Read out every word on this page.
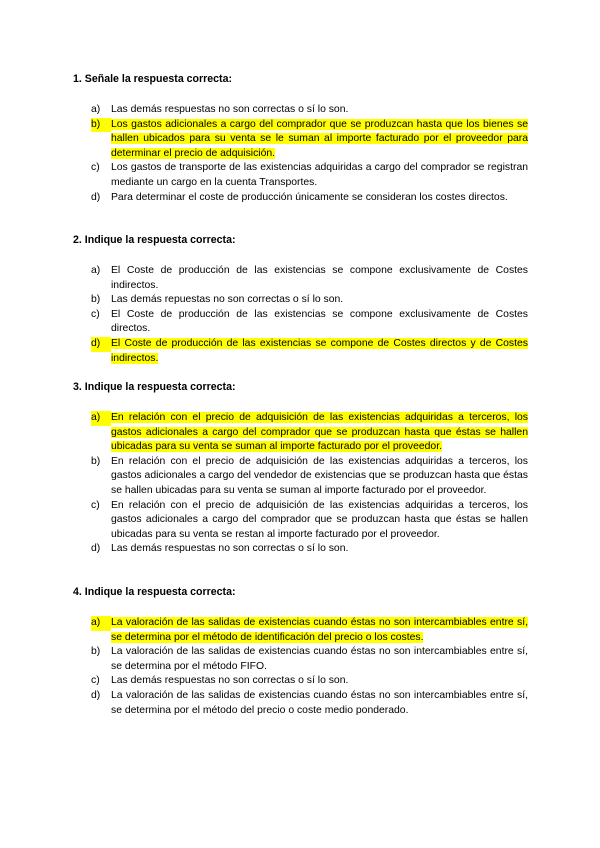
1. Señale la respuesta correcta:
a)	Las demás respuestas no son correctas o sí lo son.
b)	Los gastos adicionales a cargo del comprador que se produzcan hasta que los bienes se hallen ubicados para su venta se le suman al importe facturado por el proveedor para determinar el precio de adquisición.
c)	Los gastos de transporte de las existencias adquiridas a cargo del comprador se registran mediante un cargo en la cuenta Transportes.
d)	Para determinar el coste de producción únicamente se consideran los costes directos.
2. Indique la respuesta correcta:
a)	El Coste de producción de las existencias se compone exclusivamente de Costes indirectos.
b)	Las demás repuestas no son correctas o sí lo son.
c)	El Coste de producción de las existencias se compone exclusivamente de Costes directos.
d)	El Coste de producción de las existencias se compone de Costes directos y de Costes indirectos.
3. Indique la respuesta correcta:
a)	En relación con el precio de adquisición de las existencias adquiridas a terceros, los gastos adicionales a cargo del comprador que se produzcan hasta que éstas se hallen ubicadas para su venta se suman al importe facturado por el proveedor.
b)	En relación con el precio de adquisición de las existencias adquiridas a terceros, los gastos adicionales a cargo del vendedor de existencias que se produzcan hasta que éstas se hallen ubicadas para su venta se suman al importe facturado por el proveedor.
c)	En relación con el precio de adquisición de las existencias adquiridas a terceros, los gastos adicionales a cargo del comprador que se produzcan hasta que éstas se hallen ubicadas para su venta se restan al importe facturado por el proveedor.
d)	Las demás respuestas no son correctas o sí lo son.
4. Indique la respuesta correcta:
a)	La valoración de las salidas de existencias cuando éstas no son intercambiables entre sí, se determina por el método de identificación del precio o los costes.
b)	La valoración de las salidas de existencias cuando éstas no son intercambiables entre sí, se determina por el método FIFO.
c)	Las demás respuestas no son correctas o sí lo son.
d)	La valoración de las salidas de existencias cuando éstas no son intercambiables entre sí, se determina por el método del precio o coste medio ponderado.
